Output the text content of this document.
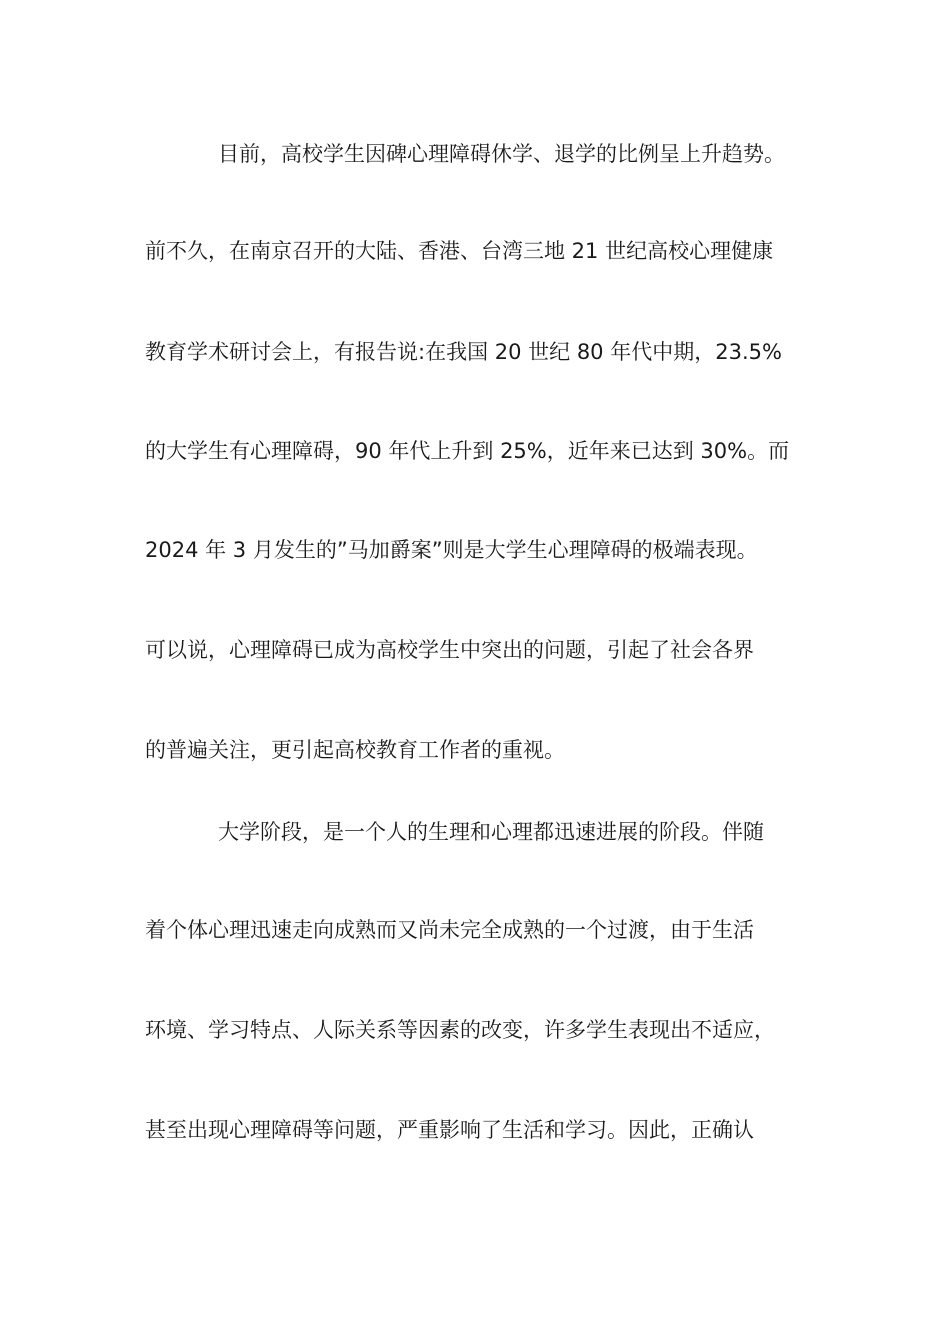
目前，高校学生因碑心理障碍休学、退学的比例呈上升趋势。
前不久，在南京召开的大陆、香港、台湾三地 21 世纪高校心理健康
教育学术研讨会上，有报告说:在我国 20 世纪 80 年代中期，23.5%
的大学生有心理障碍，90 年代上升到 25%，近年来已达到 30%。而
2024 年 3 月发生的”马加爵案”则是大学生心理障碍的极端表现。
可以说，心理障碍已成为高校学生中突出的问题，引起了社会各界
的普遍关注，更引起高校教育工作者的重视。
大学阶段，是一个人的生理和心理都迅速进展的阶段。伴随
着个体心理迅速走向成熟而又尚未完全成熟的一个过渡，由于生活
环境、学习特点、人际关系等因素的改变，许多学生表现出不适应，
甚至出现心理障碍等问题，严重影响了生活和学习。因此，正确认
